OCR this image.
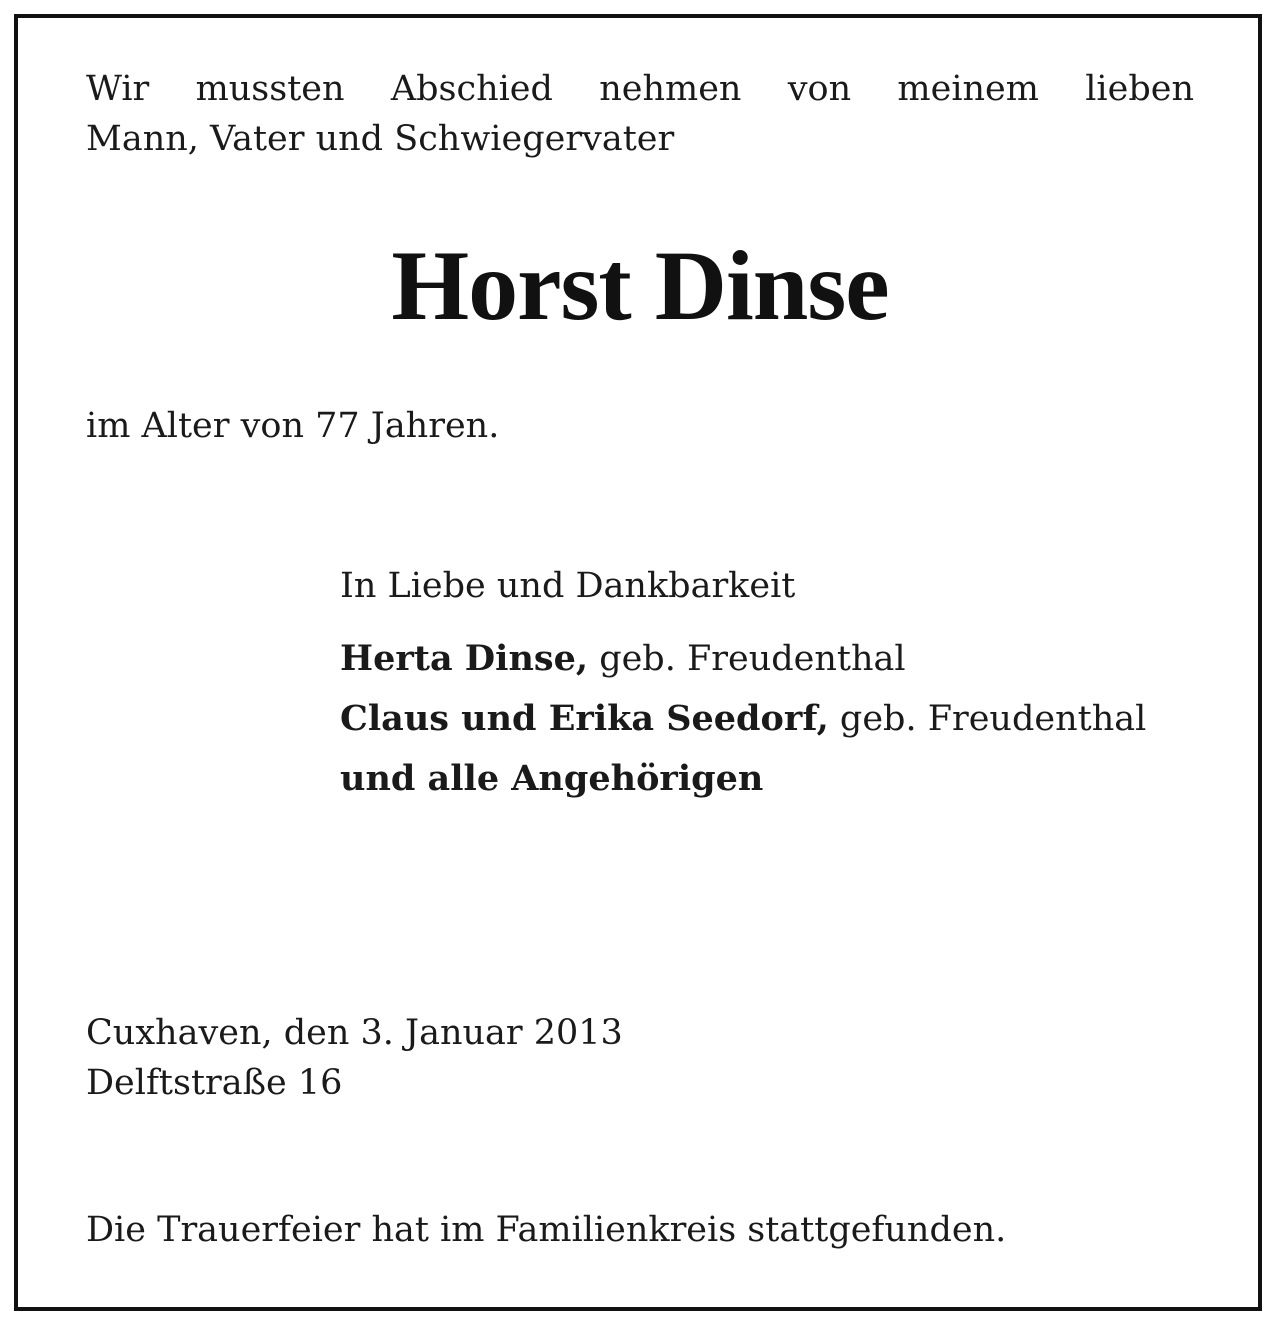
Wir mussten Abschied nehmen von meinem lieben

Mann, Vater und Schwiegervater

Horst Dinse

im Alter von 77 Jahren.

In Liebe und Dankbarkeit

Herta Dinse, geb. Freudenthal

Claus und Erika Seedorf, geb. Freudenthal

und alle Angehörigen

Cuxhaven, den 3. Januar 2013

Delftstraße 16

Die Trauerfeier hat im Familienkreis stattgefunden.
